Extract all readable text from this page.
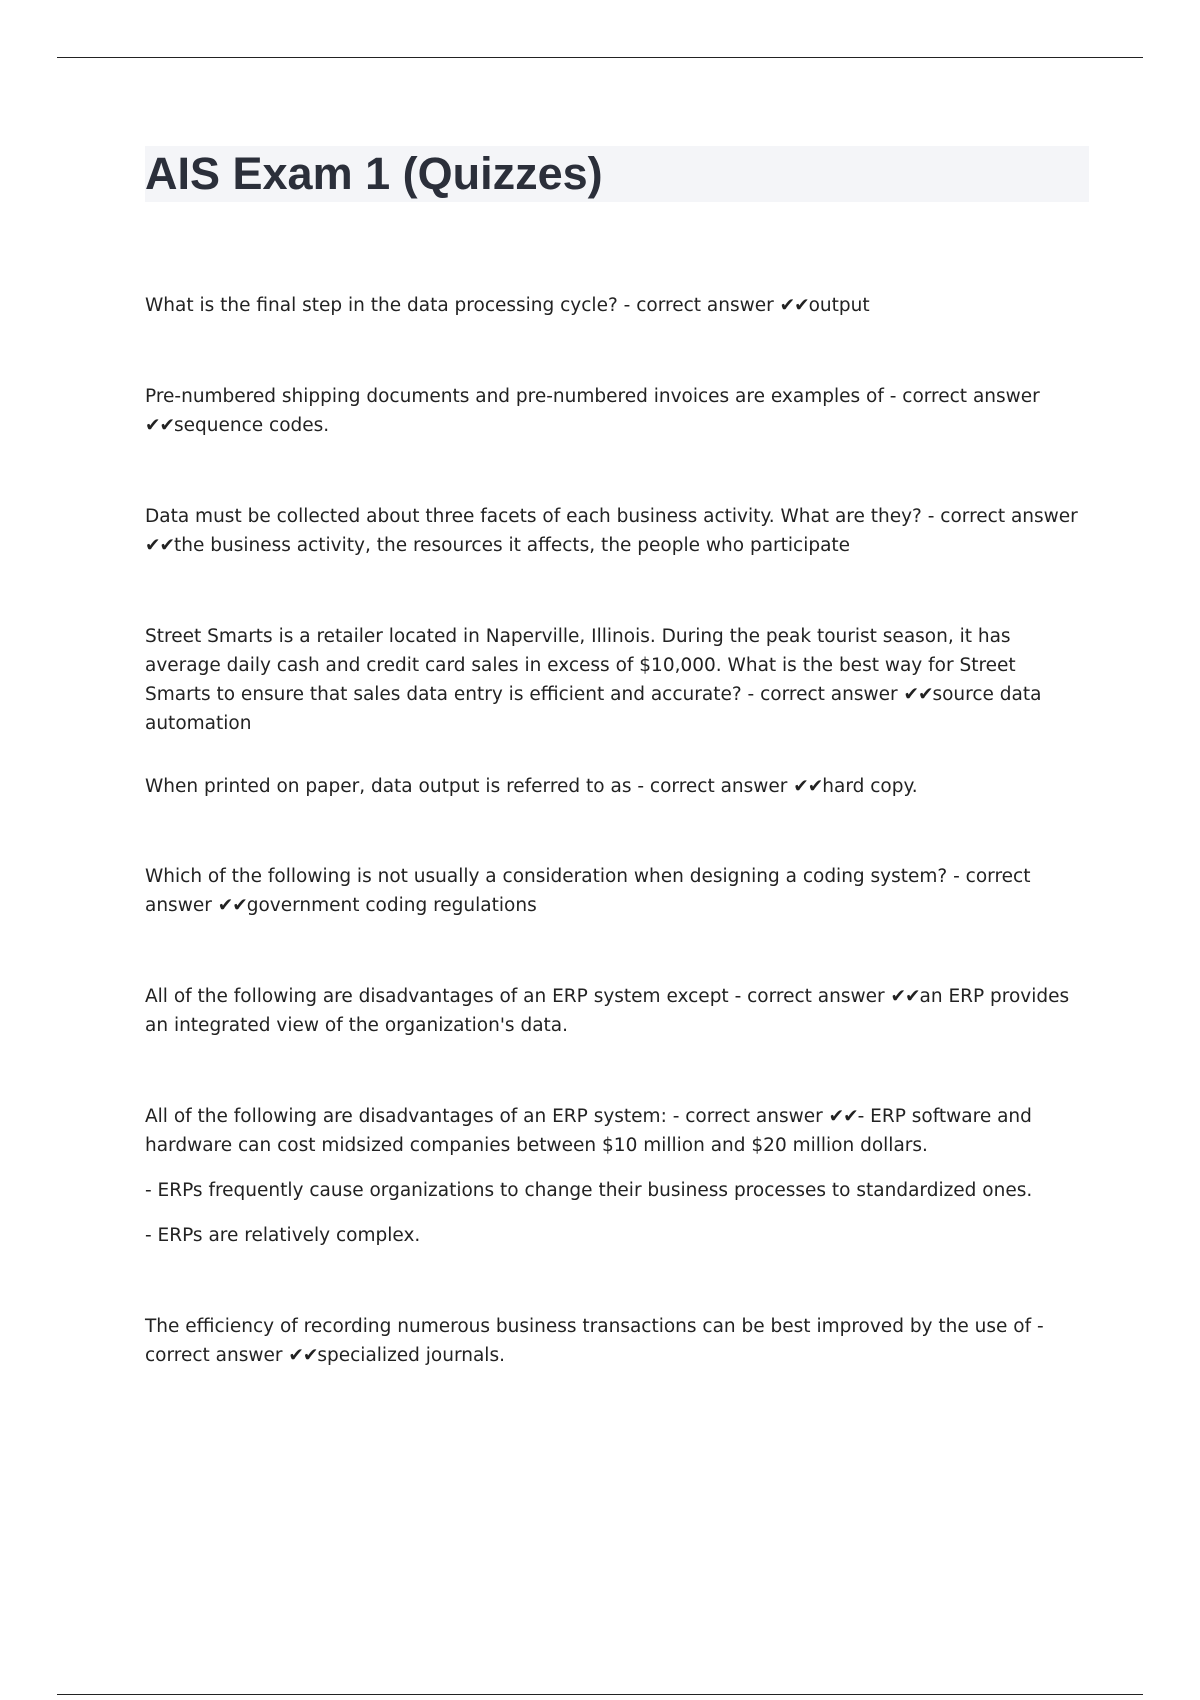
AIS Exam 1 (Quizzes)

What is the final step in the data processing cycle? - correct answer ✔✔output

Pre-numbered shipping documents and pre-numbered invoices are examples of - correct answer ✔✔sequence codes.

Data must be collected about three facets of each business activity. What are they? - correct answer ✔✔the business activity, the resources it affects, the people who participate

Street Smarts is a retailer located in Naperville, Illinois. During the peak tourist season, it has average daily cash and credit card sales in excess of $10,000. What is the best way for Street Smarts to ensure that sales data entry is efficient and accurate? - correct answer ✔✔source data automation

When printed on paper, data output is referred to as - correct answer ✔✔hard copy.

Which of the following is not usually a consideration when designing a coding system? - correct answer ✔✔government coding regulations

All of the following are disadvantages of an ERP system except - correct answer ✔✔an ERP provides an integrated view of the organization's data.

All of the following are disadvantages of an ERP system: - correct answer ✔✔- ERP software and hardware can cost midsized companies between $10 million and $20 million dollars.

- ERPs frequently cause organizations to change their business processes to standardized ones.

- ERPs are relatively complex.

The efficiency of recording numerous business transactions can be best improved by the use of - correct answer ✔✔specialized journals.
